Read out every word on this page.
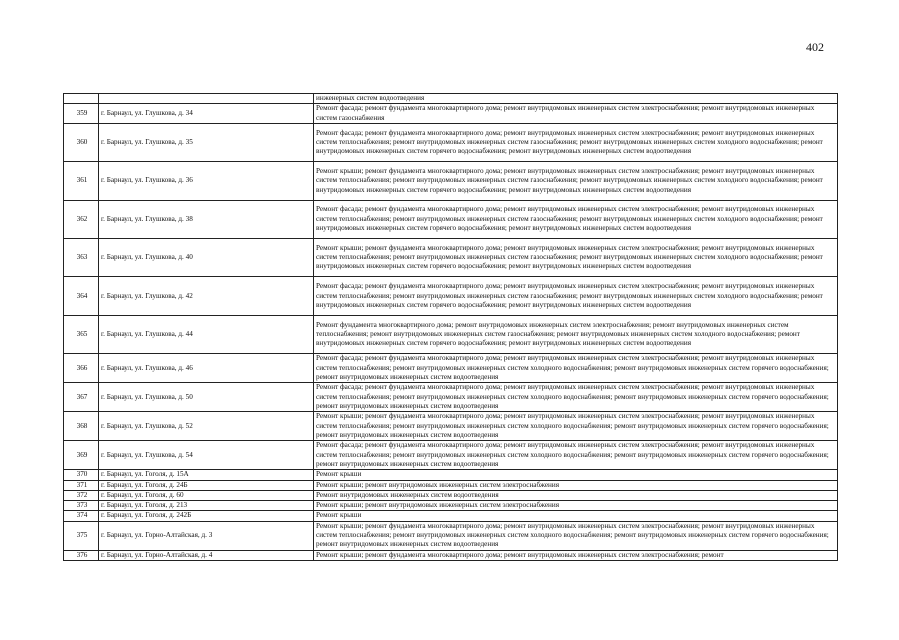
402
		инженерных систем водоотведения
359	г. Барнаул, ул. Глушкова, д. 34	Ремонт фасада; ремонт фундамента многоквартирного дома; ремонт внутридомовых инженерных систем электроснабжения; ремонт внутридомовых инженерных систем газоснабжения
360	г. Барнаул, ул. Глушкова, д. 35	Ремонт фасада; ремонт фундамента многоквартирного дома; ремонт внутридомовых инженерных систем электроснабжения; ремонт внутридомовых инженерных систем теплоснабжения; ремонт внутридомовых инженерных систем газоснабжения; ремонт внутридомовых инженерных систем холодного водоснабжения; ремонт внутридомовых инженерных систем горячего водоснабжения; ремонт внутридомовых инженерных систем водоотведения
361	г. Барнаул, ул. Глушкова, д. 36	Ремонт крыши; ремонт фундамента многоквартирного дома; ремонт внутридомовых инженерных систем электроснабжения; ремонт внутридомовых инженерных систем теплоснабжения; ремонт внутридомовых инженерных систем газоснабжения; ремонт внутридомовых инженерных систем холодного водоснабжения; ремонт внутридомовых инженерных систем горячего водоснабжения; ремонт внутридомовых инженерных систем водоотведения
362	г. Барнаул, ул. Глушкова, д. 38	Ремонт фасада; ремонт фундамента многоквартирного дома; ремонт внутридомовых инженерных систем электроснабжения; ремонт внутридомовых инженерных систем теплоснабжения; ремонт внутридомовых инженерных систем газоснабжения; ремонт внутридомовых инженерных систем холодного водоснабжения; ремонт внутридомовых инженерных систем горячего водоснабжения; ремонт внутридомовых инженерных систем водоотведения
363	г. Барнаул, ул. Глушкова, д. 40	Ремонт крыши; ремонт фундамента многоквартирного дома; ремонт внутридомовых инженерных систем электроснабжения; ремонт внутридомовых инженерных систем теплоснабжения; ремонт внутридомовых инженерных систем газоснабжения; ремонт внутридомовых инженерных систем холодного водоснабжения; ремонт внутридомовых инженерных систем горячего водоснабжения; ремонт внутридомовых инженерных систем водоотведения
364	г. Барнаул, ул. Глушкова, д. 42	Ремонт фасада; ремонт фундамента многоквартирного дома; ремонт внутридомовых инженерных систем электроснабжения; ремонт внутридомовых инженерных систем теплоснабжения; ремонт внутридомовых инженерных систем газоснабжения; ремонт внутридомовых инженерных систем холодного водоснабжения; ремонт внутридомовых инженерных систем горячего водоснабжения; ремонт внутридомовых инженерных систем водоотведения
365	г. Барнаул, ул. Глушкова, д. 44	Ремонт фундамента многоквартирного дома; ремонт внутридомовых инженерных систем электроснабжения; ремонт внутридомовых инженерных систем теплоснабжения; ремонт внутридомовых инженерных систем газоснабжения; ремонт внутридомовых инженерных систем холодного водоснабжения; ремонт внутридомовых инженерных систем горячего водоснабжения; ремонт внутридомовых инженерных систем водоотведения
366	г. Барнаул, ул. Глушкова, д. 46	Ремонт фасада; ремонт фундамента многоквартирного дома; ремонт внутридомовых инженерных систем электроснабжения; ремонт внутридомовых инженерных систем теплоснабжения; ремонт внутридомовых инженерных систем холодного водоснабжения; ремонт внутридомовых инженерных систем горячего водоснабжения; ремонт внутридомовых инженерных систем водоотведения
367	г. Барнаул, ул. Глушкова, д. 50	Ремонт фасада; ремонт фундамента многоквартирного дома; ремонт внутридомовых инженерных систем электроснабжения; ремонт внутридомовых инженерных систем теплоснабжения; ремонт внутридомовых инженерных систем холодного водоснабжения; ремонт внутридомовых инженерных систем горячего водоснабжения; ремонт внутридомовых инженерных систем водоотведения
368	г. Барнаул, ул. Глушкова, д. 52	Ремонт крыши; ремонт фундамента многоквартирного дома; ремонт внутридомовых инженерных систем электроснабжения; ремонт внутридомовых инженерных систем теплоснабжения; ремонт внутридомовых инженерных систем холодного водоснабжения; ремонт внутридомовых инженерных систем горячего водоснабжения; ремонт внутридомовых инженерных систем водоотведения
369	г. Барнаул, ул. Глушкова, д. 54	Ремонт фасада; ремонт фундамента многоквартирного дома; ремонт внутридомовых инженерных систем электроснабжения; ремонт внутридомовых инженерных систем теплоснабжения; ремонт внутридомовых инженерных систем холодного водоснабжения; ремонт внутридомовых инженерных систем горячего водоснабжения; ремонт внутридомовых инженерных систем водоотведения
370	г. Барнаул, ул. Гоголя, д. 15А	Ремонт крыши
371	г. Барнаул, ул. Гоголя, д. 24Б	Ремонт крыши; ремонт внутридомовых инженерных систем электроснабжения
372	г. Барнаул, ул. Гоголя, д. 60	Ремонт внутридомовых инженерных систем водоотведения
373	г. Барнаул, ул. Гоголя, д. 213	Ремонт крыши; ремонт внутридомовых инженерных систем электроснабжения
374	г. Барнаул, ул. Гоголя, д. 242Б	Ремонт крыши
375	г. Барнаул, ул. Горно-Алтайская, д. 3	Ремонт крыши; ремонт фундамента многоквартирного дома; ремонт внутридомовых инженерных систем электроснабжения; ремонт внутридомовых инженерных систем теплоснабжения; ремонт внутридомовых инженерных систем холодного водоснабжения; ремонт внутридомовых инженерных систем горячего водоснабжения; ремонт внутридомовых инженерных систем водоотведения
376	г. Барнаул, ул. Горно-Алтайская, д. 4	Ремонт крыши; ремонт фундамента многоквартирного дома; ремонт внутридомовых инженерных систем электроснабжения; ремонт
